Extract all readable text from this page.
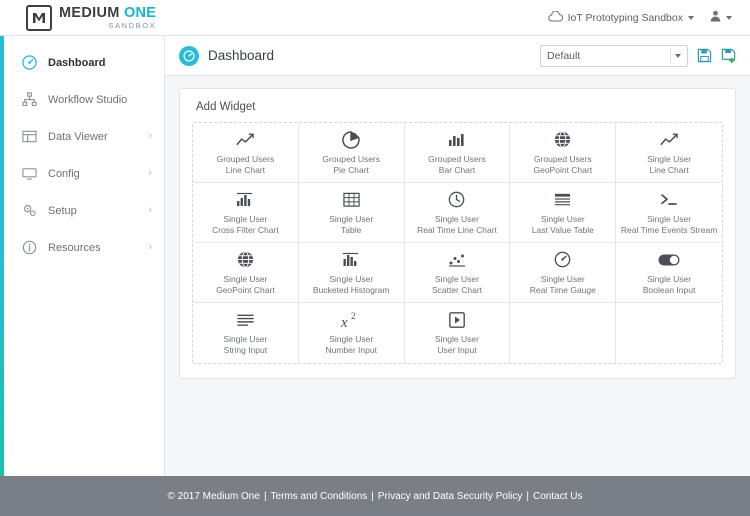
MEDIUM ONE
SANDBOX
IoT Prototyping Sandbox
Dashboard
Workflow Studio
Data Viewer	›
Config	›
Setup	›
Resources	›
Dashboard	Default
Add Widget
Grouped Users
Line Chart
Grouped Users
Pie Chart
Grouped Users
Bar Chart
Grouped Users
GeoPoint Chart
Single User
Line Chart
Single User
Cross Filter Chart
Single User
Table
Single User
Real Time Line Chart
Single User
Last Value Table
Single User
Real Time Events Stream
Single User
GeoPoint Chart
Single User
Bucketed Histogram
Single User
Scatter Chart
Single User
Real Time Gauge
Single User
Boolean Input
Single User
String Input
x 2
Single User
Number Input
Single User
User Input
© 2017 Medium One | Terms and Conditions | Privacy and Data Security Policy | Contact Us
